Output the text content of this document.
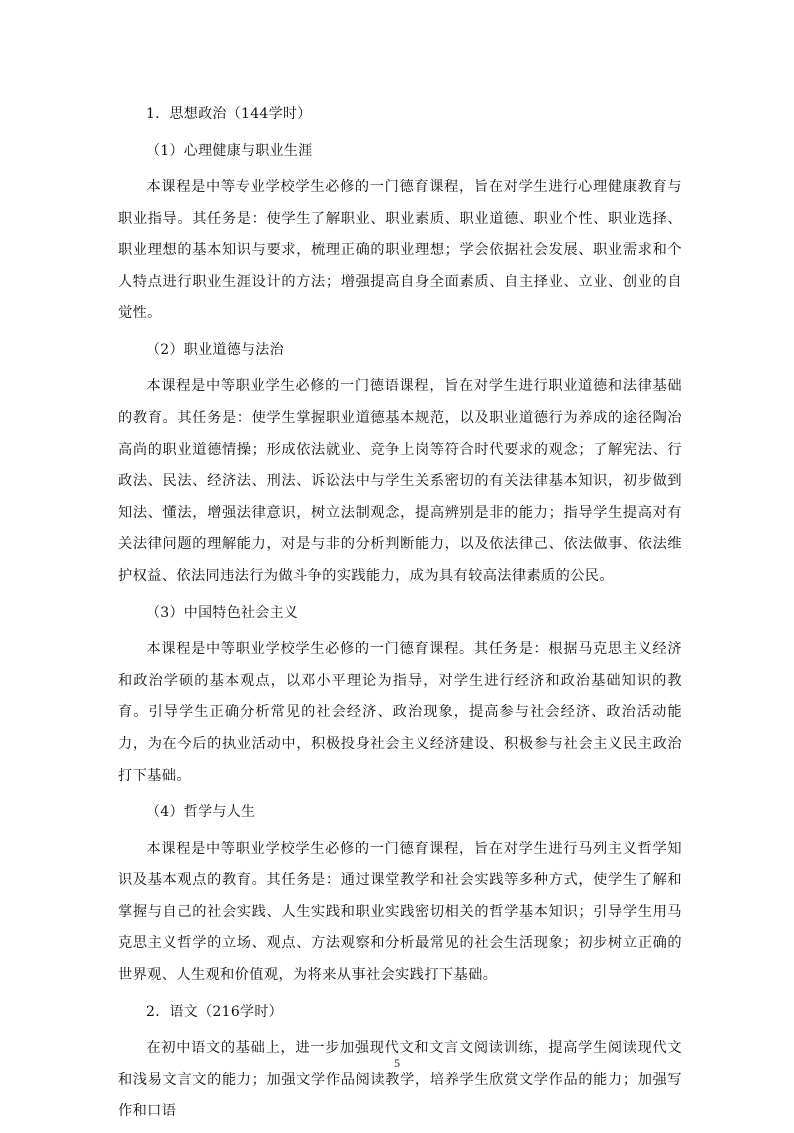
1．思想政治（144学时）
（1）心理健康与职业生涯

本课程是中等专业学校学生必修的一门德育课程，旨在对学生进行心理健康教育与职业指导。其任务是：使学生了解职业、职业素质、职业道德、职业个性、职业选择、职业理想的基本知识与要求，梳理正确的职业理想；学会依据社会发展、职业需求和个人特点进行职业生涯设计的方法；增强提高自身全面素质、自主择业、立业、创业的自觉性。

（2）职业道德与法治

本课程是中等职业学生必修的一门德语课程，旨在对学生进行职业道德和法律基础的教育。其任务是：使学生掌握职业道德基本规范，以及职业道德行为养成的途径陶冶高尚的职业道德情操；形成依法就业、竞争上岗等符合时代要求的观念；了解宪法、行政法、民法、经济法、刑法、诉讼法中与学生关系密切的有关法律基本知识，初步做到知法、懂法，增强法律意识，树立法制观念，提高辨别是非的能力；指导学生提高对有关法律问题的理解能力，对是与非的分析判断能力，以及依法律己、依法做事、依法维护权益、依法同违法行为做斗争的实践能力，成为具有较高法律素质的公民。

（3）中国特色社会主义

本课程是中等职业学校学生必修的一门德育课程。其任务是：根据马克思主义经济和政治学硕的基本观点，以邓小平理论为指导，对学生进行经济和政治基础知识的教育。引导学生正确分析常见的社会经济、政治现象，提高参与社会经济、政治活动能力，为在今后的执业活动中，积极投身社会主义经济建设、积极参与社会主义民主政治打下基础。

（4）哲学与人生

本课程是中等职业学校学生必修的一门德育课程，旨在对学生进行马列主义哲学知识及基本观点的教育。其任务是：通过课堂教学和社会实践等多种方式，使学生了解和掌握与自己的社会实践、人生实践和职业实践密切相关的哲学基本知识；引导学生用马克思主义哲学的立场、观点、方法观察和分析最常见的社会生活现象；初步树立正确的世界观、人生观和价值观，为将来从事社会实践打下基础。

2．语文（216学时）

在初中语文的基础上，进一步加强现代文和文言文阅读训练，提高学生阅读现代文和浅易文言文的能力；加强文学作品阅读教学，培养学生欣赏文学作品的能力；加强写作和口语

5
